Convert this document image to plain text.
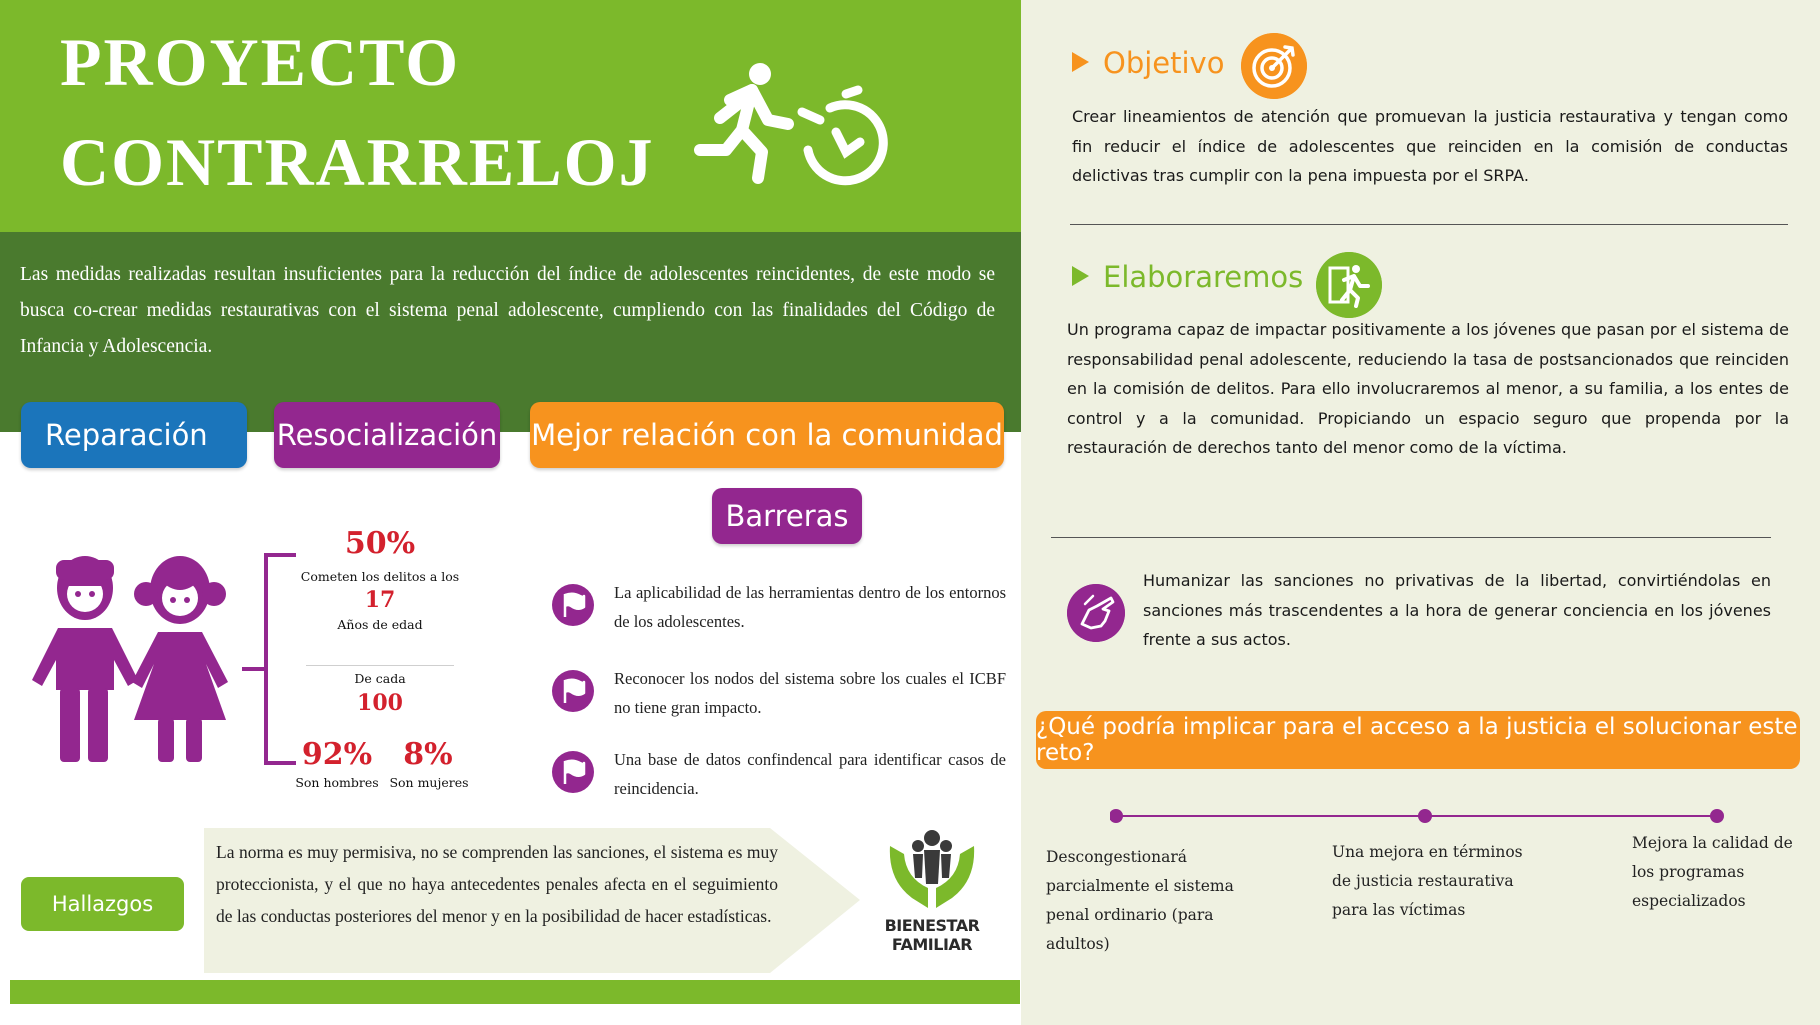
PROYECTO
CONTRARRELOJ
Las medidas realizadas resultan insuficientes para la reducción del índice de adolescentes reincidentes, de este modo se busca co-crear medidas restaurativas con el sistema penal adolescente, cumpliendo con las finalidades del Código de Infancia y Adolescencia.
Reparación	Resocialización Mejor relación con la comunidad
Barreras
50%
Cometen los delitos a los
17
Años de edad
De cada
100
92%
Son hombres
8%
Son mujeres
La aplicabilidad de las herramientas dentro de los entornos de los adolescentes.
Reconocer los nodos del sistema sobre los cuales el ICBF no tiene gran impacto.
Una base de datos confindencal para identificar casos de reincidencia.
Hallazgos
La norma es muy permisiva, no se comprenden las sanciones, el sistema es muy proteccionista, y el que no haya antecedentes penales afecta en el seguimiento de las conductas posteriores del menor y en la posibilidad de hacer estadísticas.	BIENESTAR
FAMILIAR
Objetivo
Crear lineamientos de atención que promuevan la justicia restaurativa y tengan como fin reducir el índice de adolescentes que reinciden en la comisión de conductas delictivas tras cumplir con la pena impuesta por el SRPA.
Elaboraremos
Un programa capaz de impactar positivamente a los jóvenes que pasan por el sistema de responsabilidad penal adolescente, reduciendo la tasa de postsancionados que reinciden en la comisión de delitos. Para ello involucraremos al menor, a su familia, a los entes de control y a la comunidad. Propiciando un espacio seguro que propenda por la restauración de derechos tanto del menor como de la víctima.
Humanizar las sanciones no privativas de la libertad, convirtiéndolas en sanciones más trascendentes a la hora de generar conciencia en los jóvenes frente a sus actos.
¿Qué podría implicar para el acceso a la justicia el solucionar este reto?
Descongestionará parcialmente el sistema penal ordinario (para adultos)
Una mejora en términos de justicia restaurativa para las víctimas
Mejora la calidad de los programas especializados
